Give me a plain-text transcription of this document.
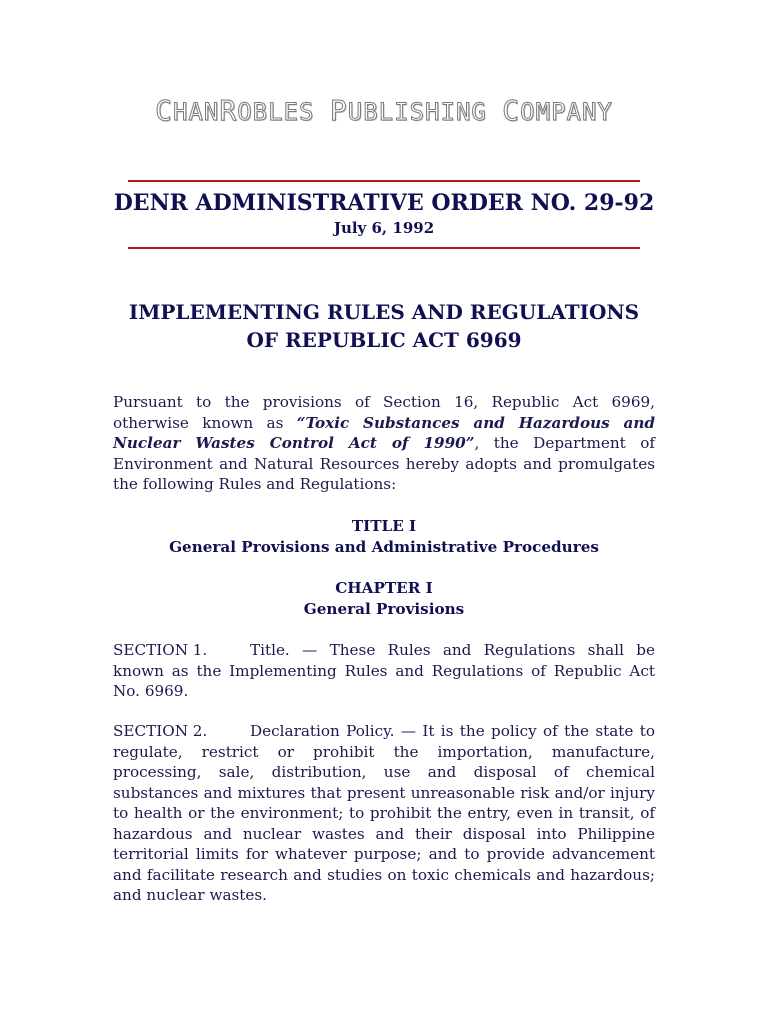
CHANROBLES PUBLISHING COMPANY
DENR ADMINISTRATIVE ORDER NO. 29-92
July 6, 1992
IMPLEMENTING RULES AND REGULATIONS
OF REPUBLIC ACT 6969
Pursuant to the provisions of Section 16, Republic Act 6969, otherwise known as “Toxic Substances and Hazardous and Nuclear Wastes Control Act of 1990”, the Department of Environment and Natural Resources hereby adopts and promulgates the following Rules and Regulations:
TITLE I
General Provisions and Administrative Procedures
CHAPTER I
General Provisions
SECTION 1.	Title. — These Rules and Regulations shall be known as the Implementing Rules and Regulations of Republic Act No. 6969.
SECTION 2.	Declaration Policy. — It is the policy of the state to regulate, restrict or prohibit the importation, manufacture, processing, sale, distribution, use and disposal of chemical substances and mixtures that present unreasonable risk and/or injury to health or the environment; to prohibit the entry, even in transit, of hazardous and nuclear wastes and their disposal into Philippine territorial limits for whatever purpose; and to provide advancement and facilitate research and studies on toxic chemicals and hazardous; and nuclear wastes.
